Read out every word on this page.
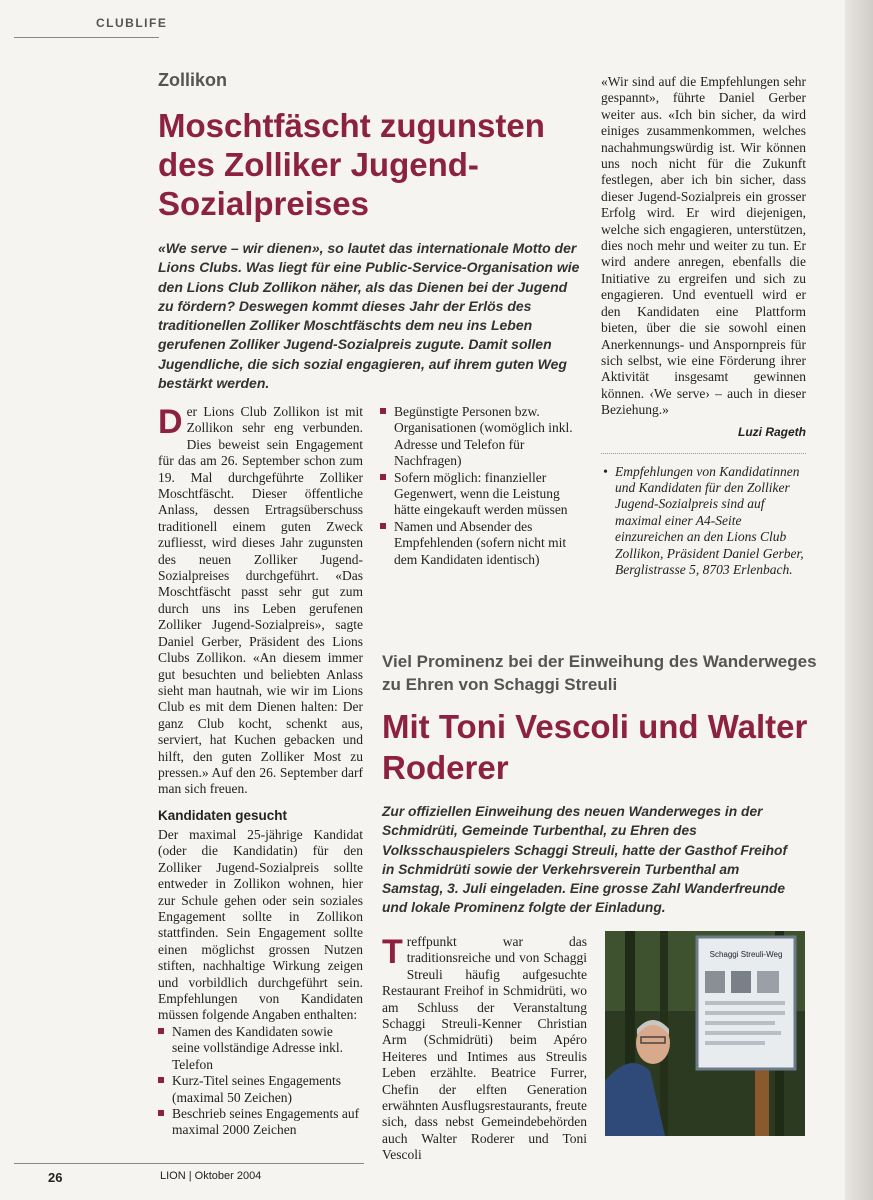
CLUBLIFE
Zollikon
Moschtfäscht zugunsten des Zolliker Jugend-Sozialpreises

«We serve – wir dienen», so lautet das internationale Motto der Lions Clubs. Was liegt für eine Public-Service-Organisation wie den Lions Club Zollikon näher, als das Dienen bei der Jugend zu fördern? Deswegen kommt dieses Jahr der Erlös des traditionellen Zolliker Moschtfäschts dem neu ins Leben gerufenen Zolliker Jugend-Sozialpreis zugute. Damit sollen Jugendliche, die sich sozial engagieren, auf ihrem guten Weg bestärkt werden.

Der Lions Club Zollikon ist mit Zollikon sehr eng verbunden. Dies beweist sein Engagement für das am 26. September schon zum 19. Mal durchgeführte Zolliker Moschtfäscht. Dieser öffentliche Anlass, dessen Ertragsüberschuss traditionell einem guten Zweck zufliesst, wird dieses Jahr zugunsten des neuen Zolliker Jugend-Sozialpreises durchgeführt. «Das Moschtfäscht passt sehr gut zum durch uns ins Leben gerufenen Zolliker Jugend-Sozialpreis», sagte Daniel Gerber, Präsident des Lions Clubs Zollikon. «An diesem immer gut besuchten und beliebten Anlass sieht man hautnah, wie wir im Lions Club es mit dem Dienen halten: Der ganz Club kocht, schenkt aus, serviert, hat Kuchen gebacken und hilft, den guten Zolliker Most zu pressen.» Auf den 26. September darf man sich freuen.

Kandidaten gesucht

Der maximal 25-jährige Kandidat (oder die Kandidatin) für den Zolliker Jugend-Sozialpreis sollte entweder in Zollikon wohnen, hier zur Schule gehen oder sein soziales Engagement sollte in Zollikon stattfinden. Sein Engagement sollte einen möglichst grossen Nutzen stiften, nachhaltige Wirkung zeigen und vorbildlich durchgeführt sein. Empfehlungen von Kandidaten müssen folgende Angaben enthalten:

Namen des Kandidaten sowie seine vollständige Adresse inkl. Telefon
Kurz-Titel seines Engagements (maximal 50 Zeichen)
Beschrieb seines Engagements auf maximal 2000 Zeichen
Begünstigte Personen bzw. Organisationen (womöglich inkl. Adresse und Telefon für Nachfragen)
Sofern möglich: finanzieller Gegenwert, wenn die Leistung hätte eingekauft werden müssen
Namen und Absender des Empfehlenden (sofern nicht mit dem Kandidaten identisch)

«Wir sind auf die Empfehlungen sehr gespannt», führte Daniel Gerber weiter aus. «Ich bin sicher, da wird einiges zusammenkommen, welches nachahmungswürdig ist. Wir können uns noch nicht für die Zukunft festlegen, aber ich bin sicher, dass dieser Jugend-Sozialpreis ein grosser Erfolg wird. Er wird diejenigen, welche sich engagieren, unterstützen, dies noch mehr und weiter zu tun. Er wird andere anregen, ebenfalls die Initiative zu ergreifen und sich zu engagieren. Und eventuell wird er den Kandidaten eine Plattform bieten, über die sie sowohl einen Anerkennungs- und Anspornpreis für sich selbst, wie eine Förderung ihrer Aktivität insgesamt gewinnen können. ‹We serve› – auch in dieser Beziehung.»

Luzi Rageth

• Empfehlungen von Kandidatinnen und Kandidaten für den Zolliker Jugend-Sozialpreis sind auf maximal einer A4-Seite einzureichen an den Lions Club Zollikon, Präsident Daniel Gerber, Berglistrasse 5, 8703 Erlenbach.

Viel Prominenz bei der Einweihung des Wanderweges zu Ehren von Schaggi Streuli
Mit Toni Vescoli und Walter Roderer

Zur offiziellen Einweihung des neuen Wanderweges in der Schmidrüti, Gemeinde Turbenthal, zu Ehren des Volksschauspielers Schaggi Streuli, hatte der Gasthof Freihof in Schmidrüti sowie der Verkehrsverein Turbenthal am Samstag, 3. Juli eingeladen. Eine grosse Zahl Wanderfreunde und lokale Prominenz folgte der Einladung.

Treffpunkt war das traditionsreiche und von Schaggi Streuli häufig aufgesuchte Restaurant Freihof in Schmidrüti, wo am Schluss der Veranstaltung Schaggi Streuli-Kenner Christian Arm (Schmidrüti) beim Apéro Heiteres und Intimes aus Streulis Leben erzählte. Beatrice Furrer, Chefin der elften Generation erwähnten Ausflugsrestaurants, freute sich, dass nebst Gemeindebehörden auch Walter Roderer und Toni Vescoli

Schaggi Streuli-Weg
26	LION | Oktober 2004
